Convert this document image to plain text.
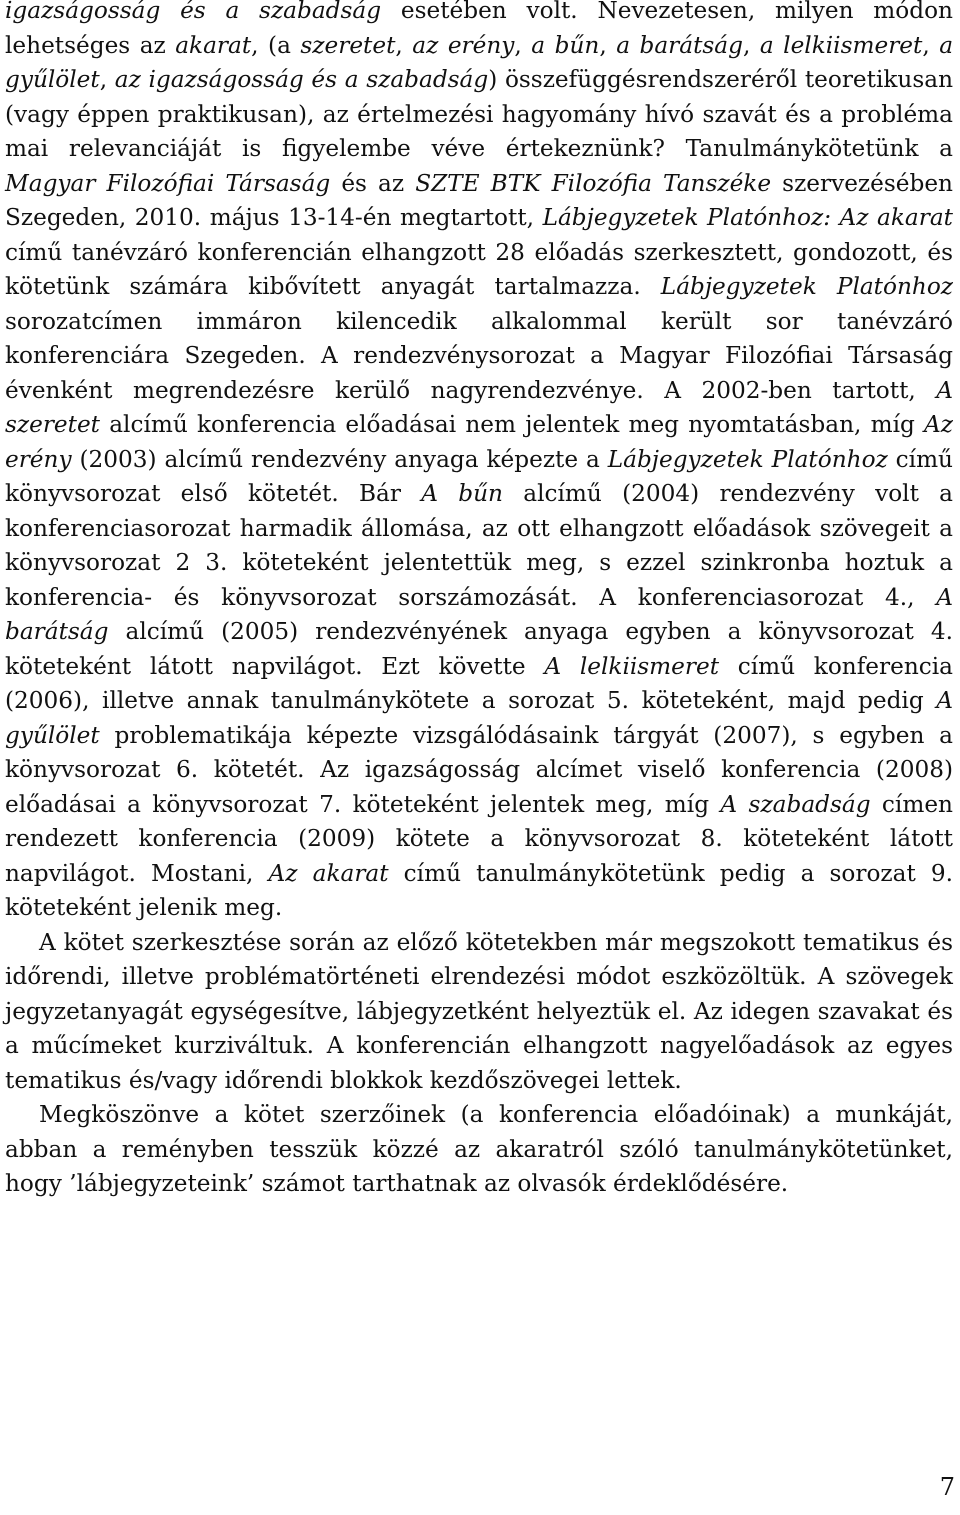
igazságosság és a szabadság esetében volt. Nevezetesen, milyen módon lehetséges az akarat, (a szeretet, az erény, a bűn, a barátság, a lelkiismeret, a gyűlölet, az igazságosság és a szabadság) összefüggésrendszeréről teoretikusan (vagy éppen praktikusan), az értelmezési hagyomány hívó szavát és a probléma mai relevanciáját is figyelembe véve értekeznünk? Tanulmánykötetünk a Magyar Filozófiai Társaság és az SZTE BTK Filozófia Tanszéke szervezésében Szegeden, 2010. május 13-14-én megtartott, Lábjegyzetek Platónhoz: Az akarat című tanévzáró konferencián elhangzott 28 előadás szerkesztett, gondozott, és kötetünk számára kibővített anyagát tartalmazza. Lábjegyzetek Platónhoz sorozatcímen immáron kilencedik alkalommal került sor tanévzáró konferenciára Szegeden. A rendezvénysorozat a Magyar Filozófiai Társaság évenként megrendezésre kerülő nagyrendezvénye. A 2002-ben tartott, A szeretet alcímű konferencia előadásai nem jelentek meg nyomtatásban, míg Az erény (2003) alcímű rendezvény anyaga képezte a Lábjegyzetek Platónhoz című könyvsorozat első kötetét. Bár A bűn alcímű (2004) rendezvény volt a konferenciasorozat harmadik állomása, az ott elhangzott előadások szövegeit a könyvsorozat 2 3. köteteként jelentettük meg, s ezzel szinkronba hoztuk a konferencia- és könyvsorozat sorszámozását. A konferenciasorozat 4., A barátság alcímű (2005) rendezvényének anyaga egyben a könyvsorozat 4. köteteként látott napvilágot. Ezt követte A lelkiismeret című konferencia (2006), illetve annak tanulmánykötete a sorozat 5. köteteként, majd pedig A gyűlölet problematikája képezte vizsgálódásaink tárgyát (2007), s egyben a könyvsorozat 6. kötetét. Az igazságosság alcímet viselő konferencia (2008) előadásai a könyvsorozat 7. köteteként jelentek meg, míg A szabadság címen rendezett konferencia (2009) kötete a könyvsorozat 8. köteteként látott napvilágot. Mostani, Az akarat című tanulmánykötetünk pedig a sorozat 9. köteteként jelenik meg.

A kötet szerkesztése során az előző kötetekben már megszokott tematikus és időrendi, illetve problématörténeti elrendezési módot eszközöltük. A szövegek jegyzetanyagát egységesítve, lábjegyzetként helyeztük el. Az idegen szavakat és a műcímeket kurziváltuk. A konferencián elhangzott nagyelőadások az egyes tematikus és/vagy időrendi blokkok kezdőszövegei lettek.

Megköszönve a kötet szerzőinek (a konferencia előadóinak) a munkáját, abban a reményben tesszük közzé az akaratról szóló tanulmánykötetünket, hogy ’lábjegyzeteink’ számot tarthatnak az olvasók érdeklődésére.

7
